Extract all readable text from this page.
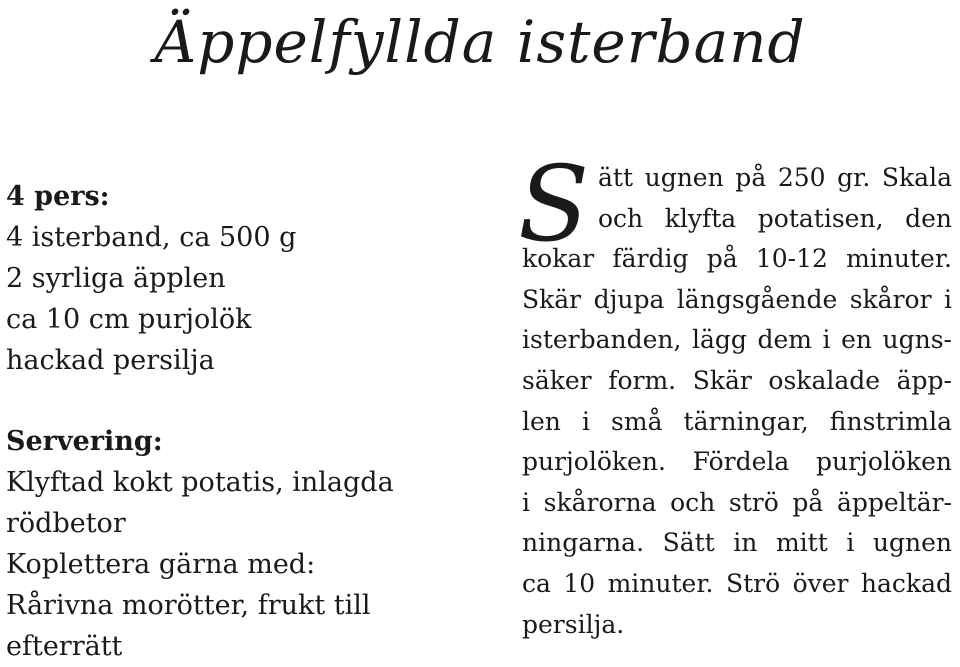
Äppelfyllda isterband
4 pers:
4 isterband, ca 500 g
2 syrliga äpplen
ca 10 cm purjolök
hackad persilja
Servering:
Klyftad kokt potatis, inlagda
rödbetor
Koplettera gärna med:
Rårivna morötter, frukt till
efterrätt
S ätt ugnen på 250 gr. Skala
och klyfta potatisen, den
kokar färdig på 10-12 minuter.
Skär djupa längsgående skåror i
isterbanden, lägg dem i en ugns-
säker form. Skär oskalade äpp-
len i små tärningar, finstrimla
purjolöken. Fördela purjolöken
i skårorna och strö på äppeltär-
ningarna. Sätt in mitt i ugnen
ca 10 minuter. Strö över hackad
persilja.
